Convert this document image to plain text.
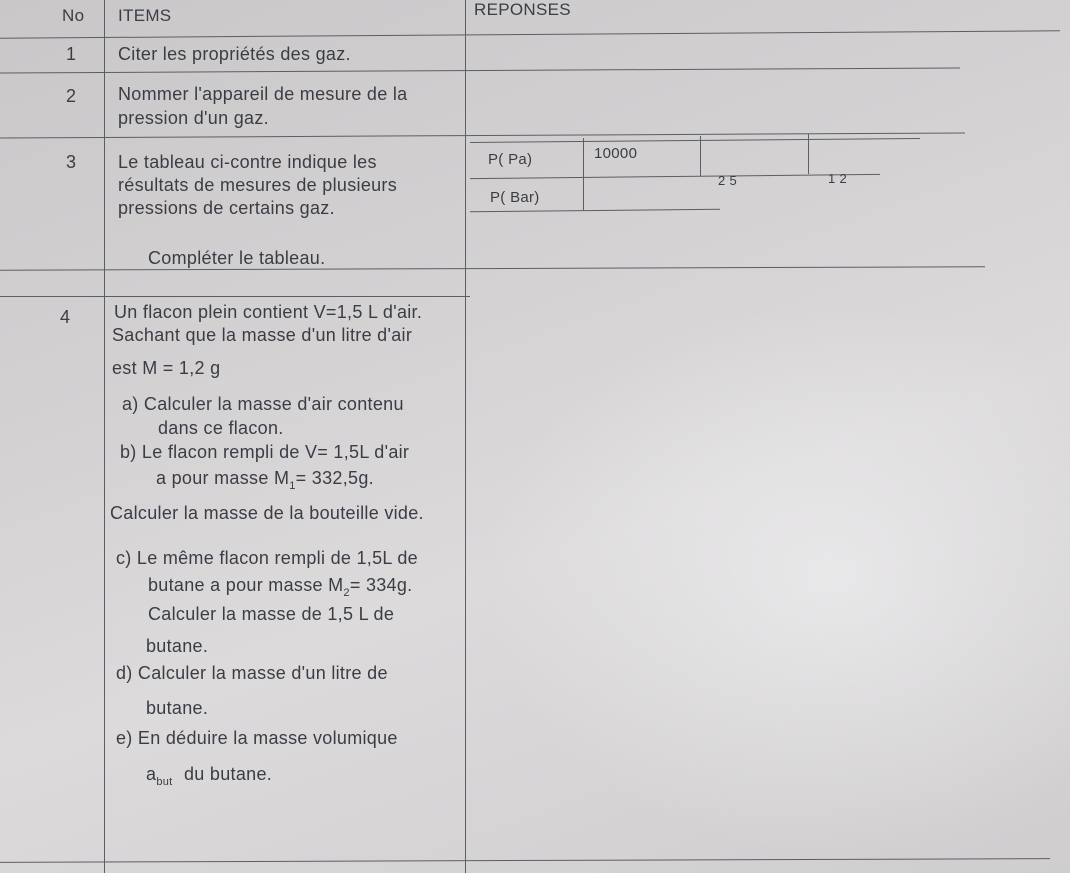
No ITEMS	REPONSES
1
2
3
4
Citer les propriétés des gaz.
Nommer l'appareil de mesure de la
pression d'un gaz.
Le tableau ci-contre indique les
résultats de mesures de plusieurs
pressions de certains gaz.
Compléter le tableau.
P( Pa)
P( Bar)
10000
2 5	1 2
Un flacon plein contient V=1,5 L d'air.
Sachant que la masse d'un litre d'air
est M = 1,2 g
a) Calculer la masse d'air contenu
dans ce flacon.
b) Le flacon rempli de V= 1,5L d'air
a pour masse $M_1= 332,5g$.
Calculer la masse de la bouteille vide.
c) Le même flacon rempli de 1,5L de
butane a pour masse $M_2= 334g$.
Calculer la masse de 1,5 L de
butane.
d) Calculer la masse d'un litre de
butane.
e) En déduire la masse volumique
$a_{but}$ du butane.
